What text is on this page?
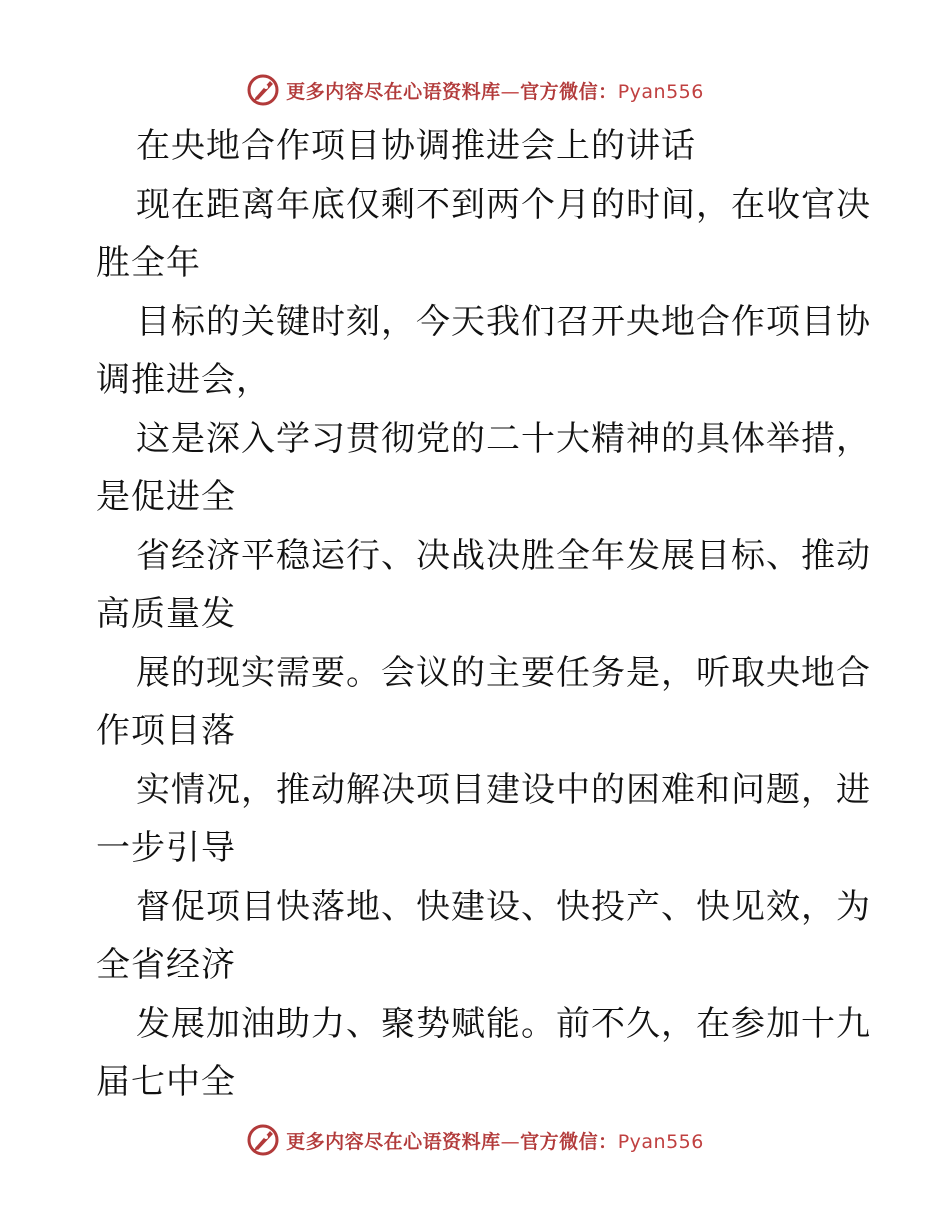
更多内容尽在心语资料库—官方微信：Pyan556
在央地合作项目协调推进会上的讲话
现在距离年底仅剩不到两个月的时间，在收官决
胜全年
目标的关键时刻，今天我们召开央地合作项目协
调推进会，
这是深入学习贯彻党的二十大精神的具体举措，
是促进全
省经济平稳运行、决战决胜全年发展目标、推动
高质量发
展的现实需要。会议的主要任务是，听取央地合
作项目落
实情况，推动解决项目建设中的困难和问题，进
一步引导
督促项目快落地、快建设、快投产、快见效，为
全省经济
发展加油助力、聚势赋能。前不久，在参加十九
届七中全
更多内容尽在心语资料库—官方微信：Pyan556
